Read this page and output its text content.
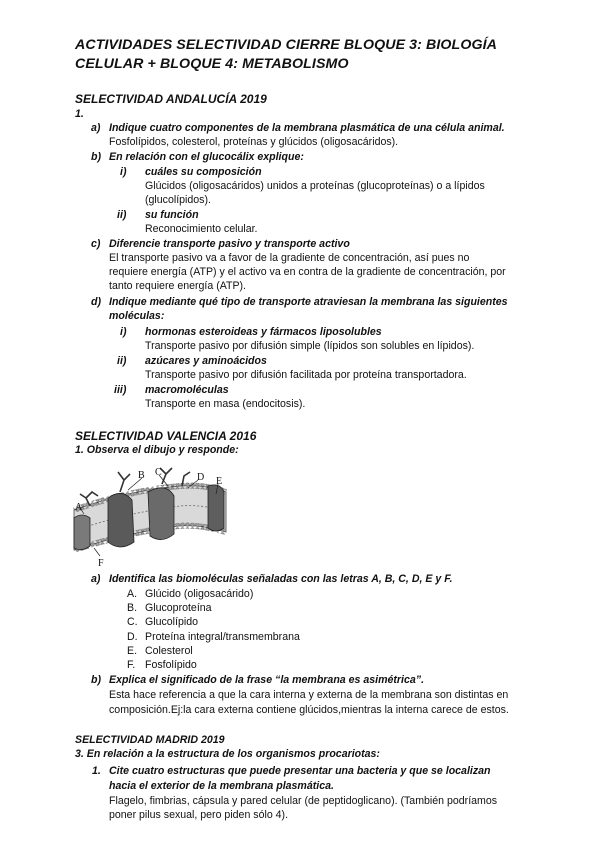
ACTIVIDADES SELECTIVIDAD CIERRE BLOQUE 3: BIOLOGÍA
CELULAR + BLOQUE 4: METABOLISMO
SELECTIVIDAD ANDALUCÍA 2019
1.
a) Indique cuatro componentes de la membrana plasmática de una célula animal.
Fosfolípidos, colesterol, proteínas y glúcidos (oligosacáridos).
b) En relación con el glucocálix explique:
i) cuáles su composición
Glúcidos (oligosacáridos) unidos a proteínas (glucoproteínas) o a lípidos
(glucolípidos).
ii) su función
Reconocimiento celular.
c) Diferencie transporte pasivo y transporte activo
El transporte pasivo va a favor de la gradiente de concentración, así pues no
requiere energía (ATP) y el activo va en contra de la gradiente de concentración, por
tanto requiere energía (ATP).
d) Indique mediante qué tipo de transporte atraviesan la membrana las siguientes
moléculas:
i) hormonas esteroideas y fármacos liposolubles
Transporte pasivo por difusión simple (lípidos son solubles en lípidos).
ii) azúcares y aminoácidos
Transporte pasivo por difusión facilitada por proteína transportadora.
iii) macromoléculas
Transporte en masa (endocitosis).
SELECTIVIDAD VALENCIA 2016
1. Observa el dibujo y responde:
A
B C	D E
F
a) Identifica las biomoléculas señaladas con las letras A, B, C, D, E y F.
A. Glúcido (oligosacárido)
B. Glucoproteína
C. Glucolípido
D. Proteína integral/transmembrana
E. Colesterol
F. Fosfolípido
b) Explica el significado de la frase “la membrana es asimétrica”.
Esta hace referencia a que la cara interna y externa de la membrana son distintas en
composición.Ej:la cara externa contiene glúcidos,mientras la interna carece de estos.
SELECTIVIDAD MADRID 2019
3. En relación a la estructura de los organismos procariotas:
1. Cite cuatro estructuras que puede presentar una bacteria y que se localizan
hacia el exterior de la membrana plasmática.
Flagelo, fimbrias, cápsula y pared celular (de peptidoglicano). (También podríamos
poner pilus sexual, pero piden sólo 4).
